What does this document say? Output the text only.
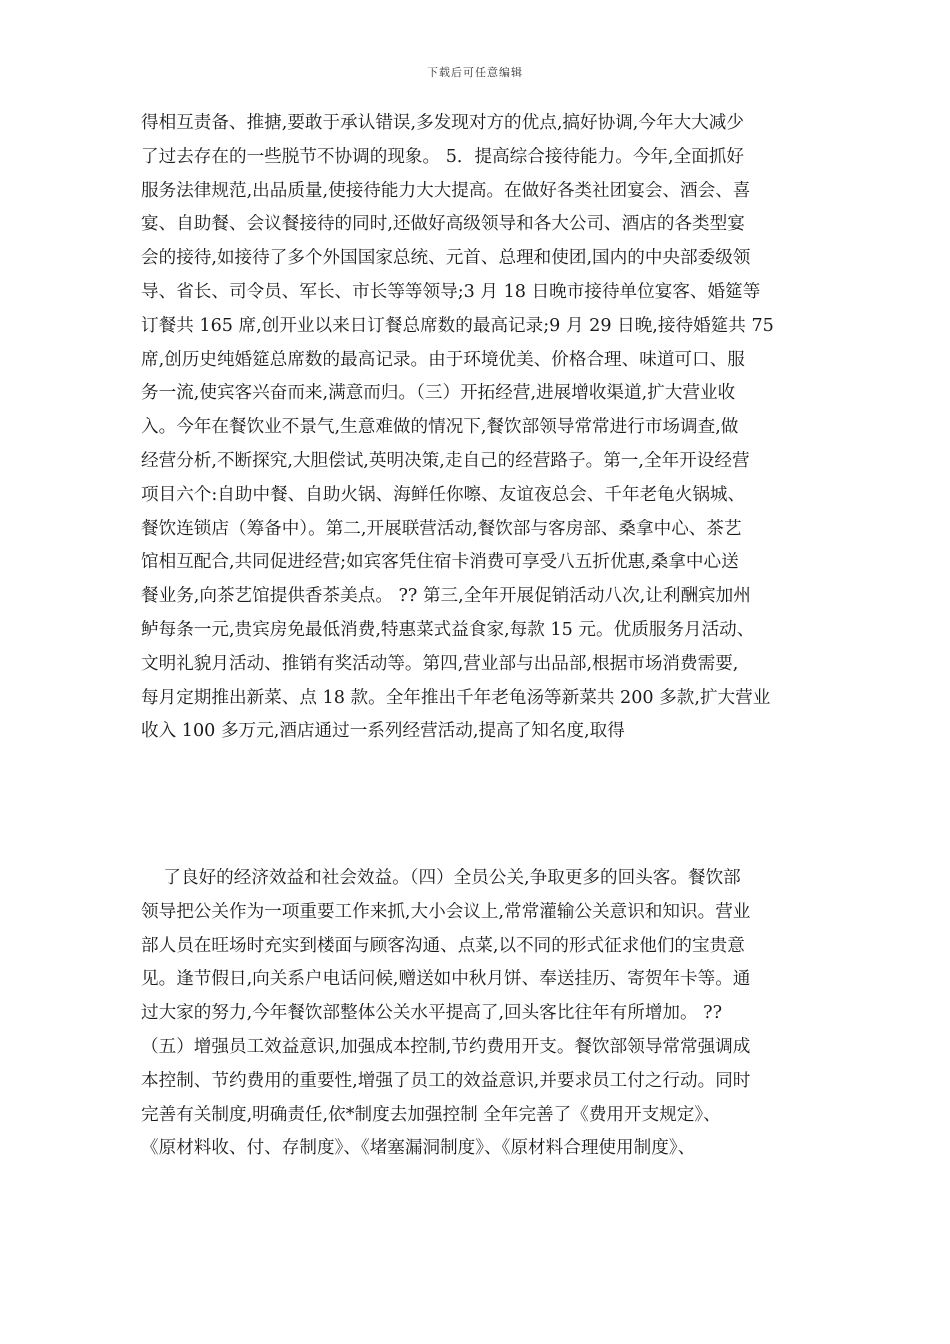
下载后可任意编辑
得相互责备、推搪,要敢于承认错误,多发现对方的优点,搞好协调,今年大大减少
了过去存在的一些脱节不协调的现象。 5．提高综合接待能力。今年,全面抓好
服务法律规范,出品质量,使接待能力大大提高。在做好各类社团宴会、酒会、喜
宴、自助餐、会议餐接待的同时,还做好高级领导和各大公司、酒店的各类型宴
会的接待,如接待了多个外国国家总统、元首、总理和使团,国内的中央部委级领
导、省长、司令员、军长、市长等等领导;3 月 18 日晚市接待单位宴客、婚筵等
订餐共 165 席,创开业以来日订餐总席数的最高记录;9 月 29 日晚,接待婚筵共 75
席,创历史纯婚筵总席数的最高记录。由于环境优美、价格合理、味道可口、服
务一流,使宾客兴奋而来,满意而归。（三）开拓经营,进展增收渠道,扩大营业收
入。今年在餐饮业不景气,生意难做的情况下,餐饮部领导常常进行市场调查,做
经营分析,不断探究,大胆偿试,英明决策,走自己的经营路子。第一,全年开设经营
项目六个:自助中餐、自助火锅、海鲜任你嚓、友谊夜总会、千年老龟火锅城、
餐饮连锁店（筹备中）。第二,开展联营活动,餐饮部与客房部、桑拿中心、茶艺
馆相互配合,共同促进经营;如宾客凭住宿卡消费可享受八五折优惠,桑拿中心送
餐业务,向茶艺馆提供香茶美点。 ?? 第三,全年开展促销活动八次,让利酬宾加州
鲈每条一元,贵宾房免最低消费,特惠菜式益食家,每款 15 元。优质服务月活动、
文明礼貌月活动、推销有奖活动等。第四,营业部与出品部,根据市场消费需要,
每月定期推出新菜、点 18 款。全年推出千年老龟汤等新菜共 200 多款,扩大营业
收入 100 多万元,酒店通过一系列经营活动,提高了知名度,取得
了良好的经济效益和社会效益。（四）全员公关,争取更多的回头客。餐饮部
领导把公关作为一项重要工作来抓,大小会议上,常常灌输公关意识和知识。营业
部人员在旺场时充实到楼面与顾客沟通、点菜,以不同的形式征求他们的宝贵意
见。逢节假日,向关系户电话问候,赠送如中秋月饼、奉送挂历、寄贺年卡等。通
过大家的努力,今年餐饮部整体公关水平提高了,回头客比往年有所增加。 ??
（五）增强员工效益意识,加强成本控制,节约费用开支。餐饮部领导常常强调成
本控制、节约费用的重要性,增强了员工的效益意识,并要求员工付之行动。同时
完善有关制度,明确责任,依*制度去加强控制 全年完善了《费用开支规定》、
《原材料收、付、存制度》、《堵塞漏洞制度》、《原材料合理使用制度》、
